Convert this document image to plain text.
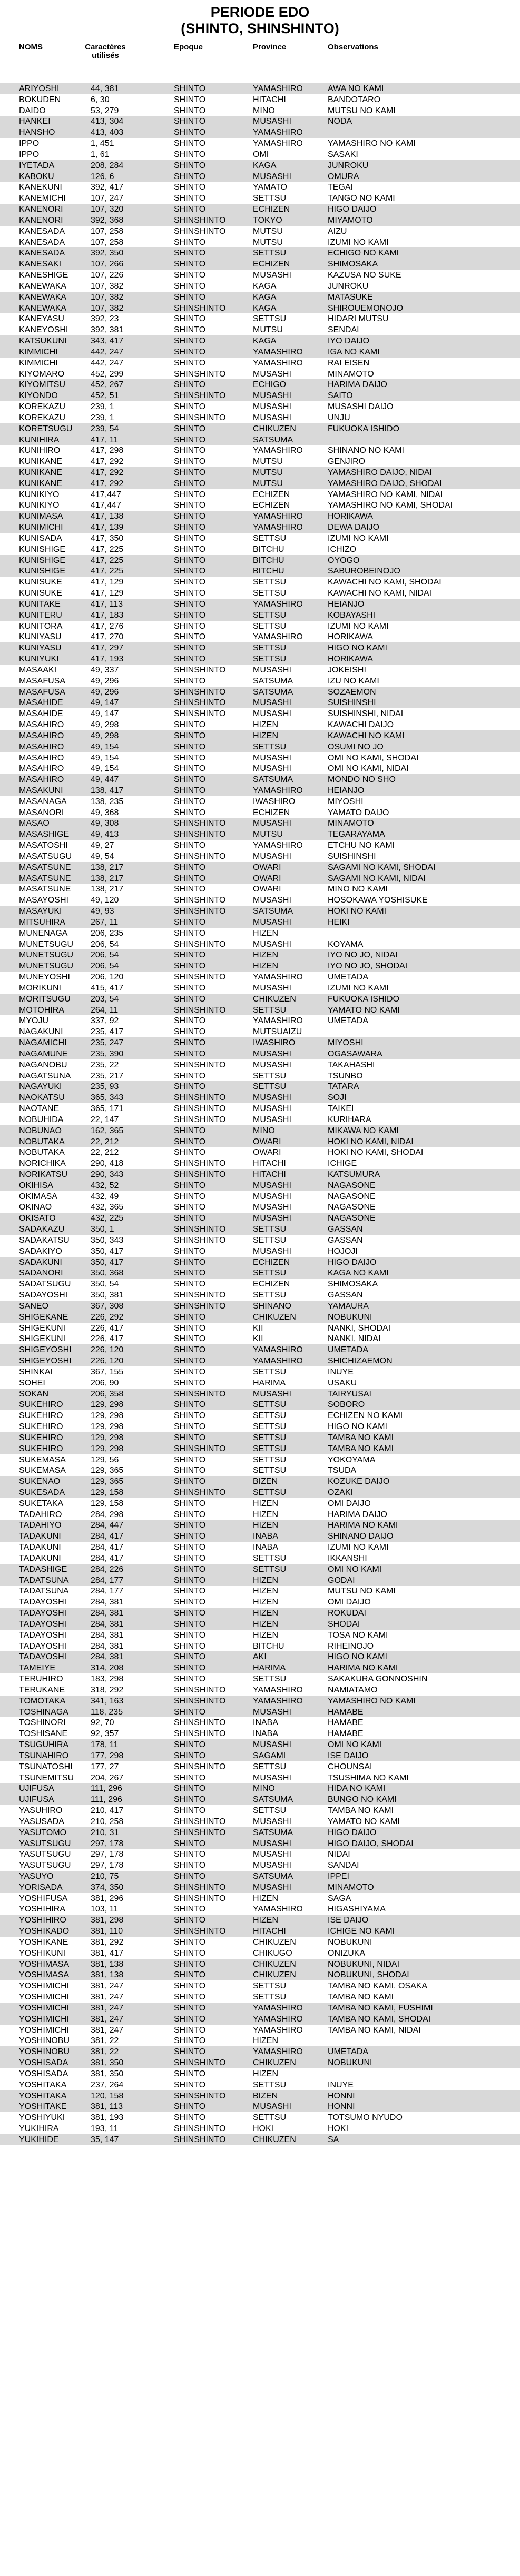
PERIODE EDO
(SHINTO, SHINSHINTO)
NOMS	Caractères
utilisés
Epoque	Province	Observations
ARIYOSHI	44, 381	SHINTO	YAMASHIRO	AWA NO KAMI
BOKUDEN	6, 30	SHINTO	HITACHI	BANDOTARO
DAIDO	53, 279	SHINTO	MINO	MUTSU NO KAMI
HANKEI	413, 304	SHINTO	MUSASHI	NODA
HANSHO	413, 403	SHINTO	YAMASHIRO
IPPO	1, 451	SHINTO	YAMASHIRO	YAMASHIRO NO KAMI
IPPO	1, 61	SHINTO	OMI	SASAKI
IYETADA	208, 284	SHINTO	KAGA	JUNROKU
KABOKU	126, 6	SHINTO	MUSASHI	OMURA
KANEKUNI	392, 417	SHINTO	YAMATO	TEGAI
KANEMICHI	107, 247	SHINTO	SETTSU	TANGO NO KAMI
KANENORI	107, 320	SHINTO	ECHIZEN	HIGO DAIJO
KANENORI	392, 368	SHINSHINTO	TOKYO	MIYAMOTO
KANESADA	107, 258	SHINSHINTO	MUTSU	AIZU
KANESADA	107, 258	SHINTO	MUTSU	IZUMI NO KAMI
KANESADA	392, 350	SHINTO	SETTSU	ECHIGO NO KAMI
KANESAKI	107, 266	SHINTO	ECHIZEN	SHIMOSAKA
KANESHIGE	107, 226	SHINTO	MUSASHI	KAZUSA NO SUKE
KANEWAKA	107, 382	SHINTO	KAGA	JUNROKU
KANEWAKA	107, 382	SHINTO	KAGA	MATASUKE
KANEWAKA	107, 382	SHINSHINTO	KAGA	SHIROUEMONOJO
KANEYASU	392, 23	SHINTO	SETTSU	HIDARI MUTSU
KANEYOSHI	392, 381	SHINTO	MUTSU	SENDAI
KATSUKUNI	343, 417	SHINTO	KAGA	IYO DAIJO
KIMMICHI	442, 247	SHINTO	YAMASHIRO	IGA NO KAMI
KIMMICHI	442, 247	SHINTO	YAMASHIRO	RAI EISEN
KIYOMARO	452, 299	SHINSHINTO	MUSASHI	MINAMOTO
KIYOMITSU	452, 267	SHINTO	ECHIGO	HARIMA DAIJO
KIYONDO	452, 51	SHINSHINTO	MUSASHI	SAITO
KOREKAZU	239, 1	SHINTO	MUSASHI	MUSASHI DAIJO
KOREKAZU	239, 1	SHINSHINTO	MUSASHI	UNJU
KORETSUGU 239, 54	SHINTO	CHIKUZEN	FUKUOKA ISHIDO
KUNIHIRA	417, 11	SHINTO	SATSUMA
KUNIHIRO	417, 298	SHINTO	YAMASHIRO	SHINANO NO KAMI
KUNIKANE	417, 292	SHINTO	MUTSU	GENJIRO
KUNIKANE	417, 292	SHINTO	MUTSU	YAMASHIRO DAIJO, NIDAI
KUNIKANE	417, 292	SHINTO	MUTSU	YAMASHIRO DAIJO, SHODAI
KUNIKIYO	417,447	SHINTO	ECHIZEN	YAMASHIRO NO KAMI, NIDAI
KUNIKIYO	417,447	SHINTO	ECHIZEN	YAMASHIRO NO KAMI, SHODAI
KUNIMASA	417, 138	SHINTO	YAMASHIRO	HORIKAWA
KUNIMICHI	417, 139	SHINTO	YAMASHIRO	DEWA DAIJO
KUNISADA	417, 350	SHINTO	SETTSU	IZUMI NO KAMI
KUNISHIGE	417, 225	SHINTO	BITCHU	ICHIZO
KUNISHIGE	417, 225	SHINTO	BITCHU	OYOGO
KUNISHIGE	417, 225	SHINTO	BITCHU	SABUROBEINOJO
KUNISUKE	417, 129	SHINTO	SETTSU	KAWACHI NO KAMI, SHODAI
KUNISUKE	417, 129	SHINTO	SETTSU	KAWACHI NO KAMI, NIDAI
KUNITAKE	417, 113	SHINTO	YAMASHIRO	HEIANJO
KUNITERU	417, 183	SHINTO	SETTSU	KOBAYASHI
KUNITORA	417, 276	SHINTO	SETTSU	IZUMI NO KAMI
KUNIYASU	417, 270	SHINTO	YAMASHIRO	HORIKAWA
KUNIYASU	417, 297	SHINTO	SETTSU	HIGO NO KAMI
KUNIYUKI	417, 193	SHINTO	SETTSU	HORIKAWA
MASAAKI	49, 337	SHINSHINTO	MUSASHI	JOKEISHI
MASAFUSA	49, 296	SHINTO	SATSUMA	IZU NO KAMI
MASAFUSA	49, 296	SHINSHINTO	SATSUMA	SOZAEMON
MASAHIDE	49, 147	SHINSHINTO	MUSASHI	SUISHINSHI
MASAHIDE	49, 147	SHINSHINTO	MUSASHI	SUISHINSHI, NIDAI
MASAHIRO	49, 298	SHINTO	HIZEN	KAWACHI DAIJO
MASAHIRO	49, 298	SHINTO	HIZEN	KAWACHI NO KAMI
MASAHIRO	49, 154	SHINTO	SETTSU	OSUMI NO JO
MASAHIRO	49, 154	SHINTO	MUSASHI	OMI NO KAMI, SHODAI
MASAHIRO	49, 154	SHINTO	MUSASHI	OMI NO KAMI, NIDAI
MASAHIRO	49, 447	SHINTO	SATSUMA	MONDO NO SHO
MASAKUNI	138, 417	SHINTO	YAMASHIRO	HEIANJO
MASANAGA	138, 235	SHINTO	IWASHIRO	MIYOSHI
MASANORI	49, 368	SHINTO	ECHIZEN	YAMATO DAIJO
MASAO	49, 308	SHINSHINTO	MUSASHI	MINAMOTO
MASASHIGE	49, 413	SHINSHINTO	MUTSU	TEGARAYAMA
MASATOSHI	49, 27	SHINTO	YAMASHIRO	ETCHU NO KAMI
MASATSUGU 49, 54	SHINSHINTO	MUSASHI	SUISHINSHI
MASATSUNE 138, 217	SHINTO	OWARI	SAGAMI NO KAMI, SHODAI
MASATSUNE 138, 217	SHINTO	OWARI	SAGAMI NO KAMI, NIDAI
MASATSUNE 138, 217	SHINTO	OWARI	MINO NO KAMI
MASAYOSHI	49, 120	SHINSHINTO	MUSASHI	HOSOKAWA YOSHISUKE
MASAYUKI	49, 93	SHINSHINTO	SATSUMA	HOKI NO KAMI
MITSUHIRA	267, 11	SHINTO	MUSASHI	HEIKI
MUNENAGA	206, 235	SHINTO	HIZEN
MUNETSUGU 206, 54	SHINSHINTO	MUSASHI	KOYAMA
MUNETSUGU 206, 54	SHINTO	HIZEN	IYO NO JO, NIDAI
MUNETSUGU 206, 54	SHINTO	HIZEN	IYO NO JO, SHODAI
MUNEYOSHI 206, 120	SHINSHINTO	YAMASHIRO	UMETADA
MORIKUNI	415, 417	SHINTO	MUSASHI	IZUMI NO KAMI
MORITSUGU 203, 54	SHINTO	CHIKUZEN	FUKUOKA ISHIDO
MOTOHIRA	264, 11	SHINSHINTO	SETTSU	YAMATO NO KAMI
MYOJU	337, 92	SHINTO	YAMASHIRO	UMETADA
NAGAKUNI	235, 417	SHINTO	MUTSUAIZU
NAGAMICHI	235, 247	SHINTO	IWASHIRO	MIYOSHI
NAGAMUNE	235, 390	SHINTO	MUSASHI	OGASAWARA
NAGANOBU	235, 22	SHINSHINTO	MUSASHI	TAKAHASHI
NAGATSUNA 235, 217	SHINTO	SETTSU	TSUNBO
NAGAYUKI	235, 93	SHINTO	SETTSU	TATARA
NAOKATSU	365, 343	SHINSHINTO	MUSASHI	SOJI
NAOTANE	365, 171	SHINSHINTO	MUSASHI	TAIKEI
NOBUHIDA	22, 147	SHINSHINTO	MUSASHI	KURIHARA
NOBUNAO	162, 365	SHINTO	MINO	MIKAWA NO KAMI
NOBUTAKA	22, 212	SHINTO	OWARI	HOKI NO KAMI, NIDAI
NOBUTAKA	22, 212	SHINTO	OWARI	HOKI NO KAMI, SHODAI
NORICHIKA	290, 418	SHINSHINTO	HITACHI	ICHIGE
NORIKATSU	290, 343	SHINSHINTO	HITACHI	KATSUMURA
OKIHISA	432, 52	SHINTO	MUSASHI	NAGASONE
OKIMASA	432, 49	SHINTO	MUSASHI	NAGASONE
OKINAO	432, 365	SHINTO	MUSASHI	NAGASONE
OKISATO	432, 225	SHINTO	MUSASHI	NAGASONE
SADAKAZU	350, 1	SHINSHINTO	SETTSU	GASSAN
SADAKATSU	350, 343	SHINSHINTO	SETTSU	GASSAN
SADAKIYO	350, 417	SHINTO	MUSASHI	HOJOJI
SADAKUNI	350, 417	SHINTO	ECHIZEN	HIGO DAIJO
SADANORI	350, 368	SHINTO	SETTSU	KAGA NO KAMI
SADATSUGU 350, 54	SHINTO	ECHIZEN	SHIMOSAKA
SADAYOSHI	350, 381	SHINSHINTO	SETTSU	GASSAN
SANEO	367, 308	SHINSHINTO	SHINANO	YAMAURA
SHIGEKANE	226, 292	SHINTO	CHIKUZEN	NOBUKUNI
SHIGEKUNI	226, 417	SHINTO	KII	NANKI, SHODAI
SHIGEKUNI	226, 417	SHINTO	KII	NANKI, NIDAI
SHIGEYOSHI 226, 120	SHINTO	YAMASHIRO	UMETADA
SHIGEYOSHI 226, 120	SHINTO	YAMASHIRO	SHICHIZAEMON
SHINKAI	367, 155	SHINTO	SETTSU	INUYE
SOHEI	206, 90	SHINTO	HARIMA	USAKU
SOKAN	206, 358	SHINSHINTO	MUSASHI	TAIRYUSAI
SUKEHIRO	129, 298	SHINTO	SETTSU	SOBORO
SUKEHIRO	129, 298	SHINTO	SETTSU	ECHIZEN NO KAMI
SUKEHIRO	129, 298	SHINTO	SETTSU	HIGO NO KAMI
SUKEHIRO	129, 298	SHINTO	SETTSU	TAMBA NO KAMI
SUKEHIRO	129, 298	SHINSHINTO	SETTSU	TAMBA NO KAMI
SUKEMASA	129, 56	SHINTO	SETTSU	YOKOYAMA
SUKEMASA	129, 365	SHINTO	SETTSU	TSUDA
SUKENAO	129, 365	SHINTO	BIZEN	KOZUKE DAIJO
SUKESADA	129, 158	SHINSHINTO	SETTSU	OZAKI
SUKETAKA	129, 158	SHINTO	HIZEN	OMI DAIJO
TADAHIRO	284, 298	SHINTO	HIZEN	HARIMA DAIJO
TADAHIYO	284, 447	SHINTO	HIZEN	HARIMA NO KAMI
TADAKUNI	284, 417	SHINTO	INABA	SHINANO DAIJO
TADAKUNI	284, 417	SHINTO	INABA	IZUMI NO KAMI
TADAKUNI	284, 417	SHINTO	SETTSU	IKKANSHI
TADASHIGE	284, 226	SHINTO	SETTSU	OMI NO KAMI
TADATSUNA	284, 177	SHINTO	HIZEN	GODAI
TADATSUNA	284, 177	SHINTO	HIZEN	MUTSU NO KAMI
TADAYOSHI	284, 381	SHINTO	HIZEN	OMI DAIJO
TADAYOSHI	284, 381	SHINTO	HIZEN	ROKUDAI
TADAYOSHI	284, 381	SHINTO	HIZEN	SHODAI
TADAYOSHI	284, 381	SHINTO	HIZEN	TOSA NO KAMI
TADAYOSHI	284, 381	SHINTO	BITCHU	RIHEINOJO
TADAYOSHI	284, 381	SHINTO	AKI	HIGO NO KAMI
TAMEIYE	314, 208	SHINTO	HARIMA	HARIMA NO KAMI
TERUHIRO	183, 298	SHINTO	SETTSU	SAKAKURA GONNOSHIN
TERUKANE	318, 292	SHINSHINTO	YAMASHIRO	NAMIATAMO
TOMOTAKA	341, 163	SHINSHINTO	YAMASHIRO	YAMASHIRO NO KAMI
TOSHINAGA	118, 235	SHINTO	MUSASHI	HAMABE
TOSHINORI	92, 70	SHINSHINTO	INABA	HAMABE
TOSHISANE	92, 357	SHINSHINTO	INABA	HAMABE
TSUGUHIRA	178, 11	SHINTO	MUSASHI	OMI NO KAMI
TSUNAHIRO	177, 298	SHINTO	SAGAMI	ISE DAIJO
TSUNATOSHI 177, 27	SHINSHINTO	SETTSU	CHOUNSAI
TSUNEMITSU 204, 267	SHINTO	MUSASHI	TSUSHIMA NO KAMI
UJIFUSA	111, 296	SHINTO	MINO	HIDA NO KAMI
UJIFUSA	111, 296	SHINTO	SATSUMA	BUNGO NO KAMI
YASUHIRO	210, 417	SHINTO	SETTSU	TAMBA NO KAMI
YASUSADA	210, 258	SHINSHINTO	MUSASHI	YAMATO NO KAMI
YASUTOMO	210, 31	SHINSHINTO	SATSUMA	HIGO DAIJO
YASUTSUGU 297, 178	SHINTO	MUSASHI	HIGO DAIJO, SHODAI
YASUTSUGU 297, 178	SHINTO	MUSASHI	NIDAI
YASUTSUGU 297, 178	SHINTO	MUSASHI	SANDAI
YASUYO	210, 75	SHINTO	SATSUMA	IPPEI
YORISADA	374, 350	SHINSHINTO	MUSASHI	MINAMOTO
YOSHIFUSA	381, 296	SHINSHINTO	HIZEN	SAGA
YOSHIHIRA	103, 11	SHINTO	YAMASHIRO	HIGASHIYAMA
YOSHIHIRO	381, 298	SHINTO	HIZEN	ISE DAIJO
YOSHIKADO	381, 110	SHINSHINTO	HITACHI	ICHIGE NO KAMI
YOSHIKANE	381, 292	SHINTO	CHIKUZEN	NOBUKUNI
YOSHIKUNI	381, 417	SHINTO	CHIKUGO	ONIZUKA
YOSHIMASA	381, 138	SHINTO	CHIKUZEN	NOBUKUNI, NIDAI
YOSHIMASA	381, 138	SHINTO	CHIKUZEN	NOBUKUNI, SHODAI
YOSHIMICHI	381, 247	SHINTO	SETTSU	TAMBA NO KAMI, OSAKA
YOSHIMICHI	381, 247	SHINTO	SETTSU	TAMBA NO KAMI
YOSHIMICHI	381, 247	SHINTO	YAMASHIRO	TAMBA NO KAMI, FUSHIMI
YOSHIMICHI	381, 247	SHINTO	YAMASHIRO	TAMBA NO KAMI, SHODAI
YOSHIMICHI	381, 247	SHINTO	YAMASHIRO	TAMBA NO KAMI, NIDAI
YOSHINOBU 381, 22	SHINTO	HIZEN
YOSHINOBU 381, 22	SHINTO	YAMASHIRO	UMETADA
YOSHISADA	381, 350	SHINSHINTO	CHIKUZEN	NOBUKUNI
YOSHISADA	381, 350	SHINTO	HIZEN
YOSHITAKA	237, 264	SHINTO	SETTSU	INUYE
YOSHITAKA	120, 158	SHINSHINTO	BIZEN	HONNI
YOSHITAKE	381, 113	SHINTO	MUSASHI	HONNI
YOSHIYUKI	381, 193	SHINTO	SETTSU	TOTSUMO NYUDO
YUKIHIRA	193, 11	SHINSHINTO	HOKI	HOKI
YUKIHIDE	35, 147	SHINSHINTO	CHIKUZEN	SA
